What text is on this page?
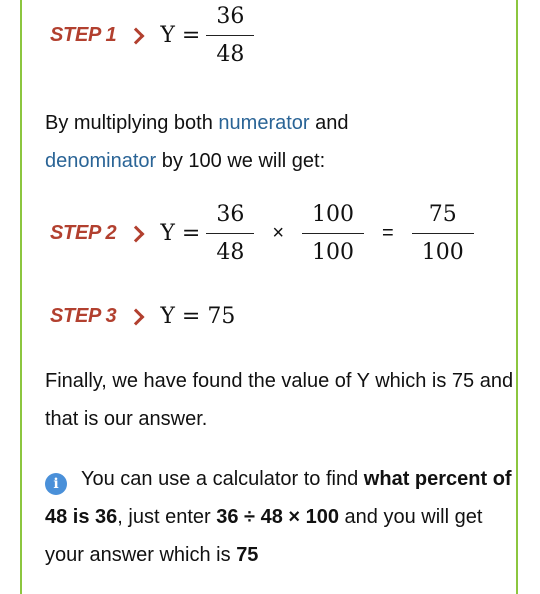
STEP 1 $Y = \frac{36}{48}$
By multiplying both numerator and
denominator by 100 we will get:
STEP 2 $Y = \frac{36}{48} \times \frac{100}{100} = \frac{75}{100}$
STEP 3 Y = 75
Finally, we have found the value of Y which is 75 and that is our answer.
i You can use a calculator to find what percent of 48 is 36, just enter 36 ÷ 48 × 100 and you will get your answer which is 75
